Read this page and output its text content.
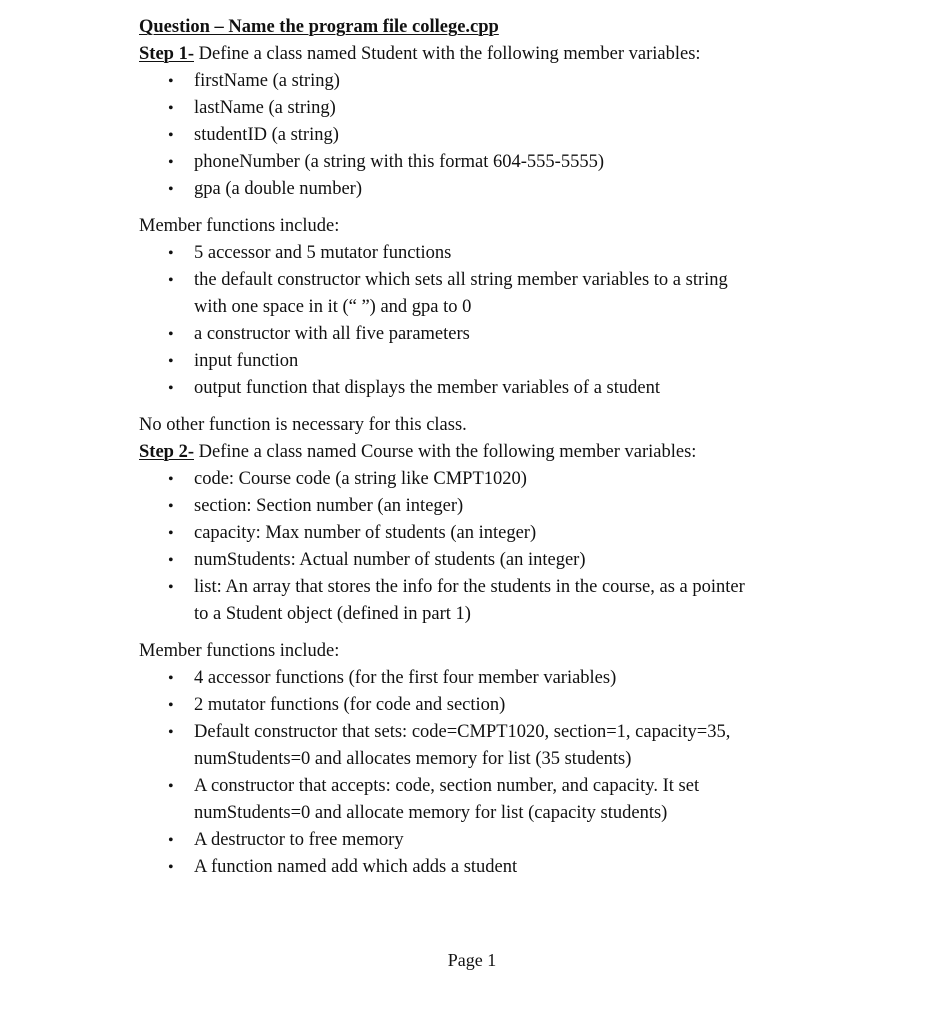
Question – Name the program file college.cpp
Step 1- Define a class named Student with the following member variables:
• firstName (a string)
• lastName (a string)
• studentID (a string)
• phoneNumber (a string with this format 604-555-5555)
• gpa (a double number)
Member functions include:
• 5 accessor and 5 mutator functions
• the default constructor which sets all string member variables to a string
with one space in it (“ ”) and gpa to 0
• a constructor with all five parameters
• input function
• output function that displays the member variables of a student
No other function is necessary for this class.
Step 2- Define a class named Course with the following member variables:
• code: Course code (a string like CMPT1020)
• section: Section number (an integer)
• capacity: Max number of students (an integer)
• numStudents: Actual number of students (an integer)
• list: An array that stores the info for the students in the course, as a pointer
to a Student object (defined in part 1)
Member functions include:
• 4 accessor functions (for the first four member variables)
• 2 mutator functions (for code and section)
• Default constructor that sets: code=CMPT1020, section=1, capacity=35,
numStudents=0 and allocates memory for list (35 students)
• A constructor that accepts: code, section number, and capacity. It set
numStudents=0 and allocate memory for list (capacity students)
• A destructor to free memory
• A function named add which adds a student
Page 1
